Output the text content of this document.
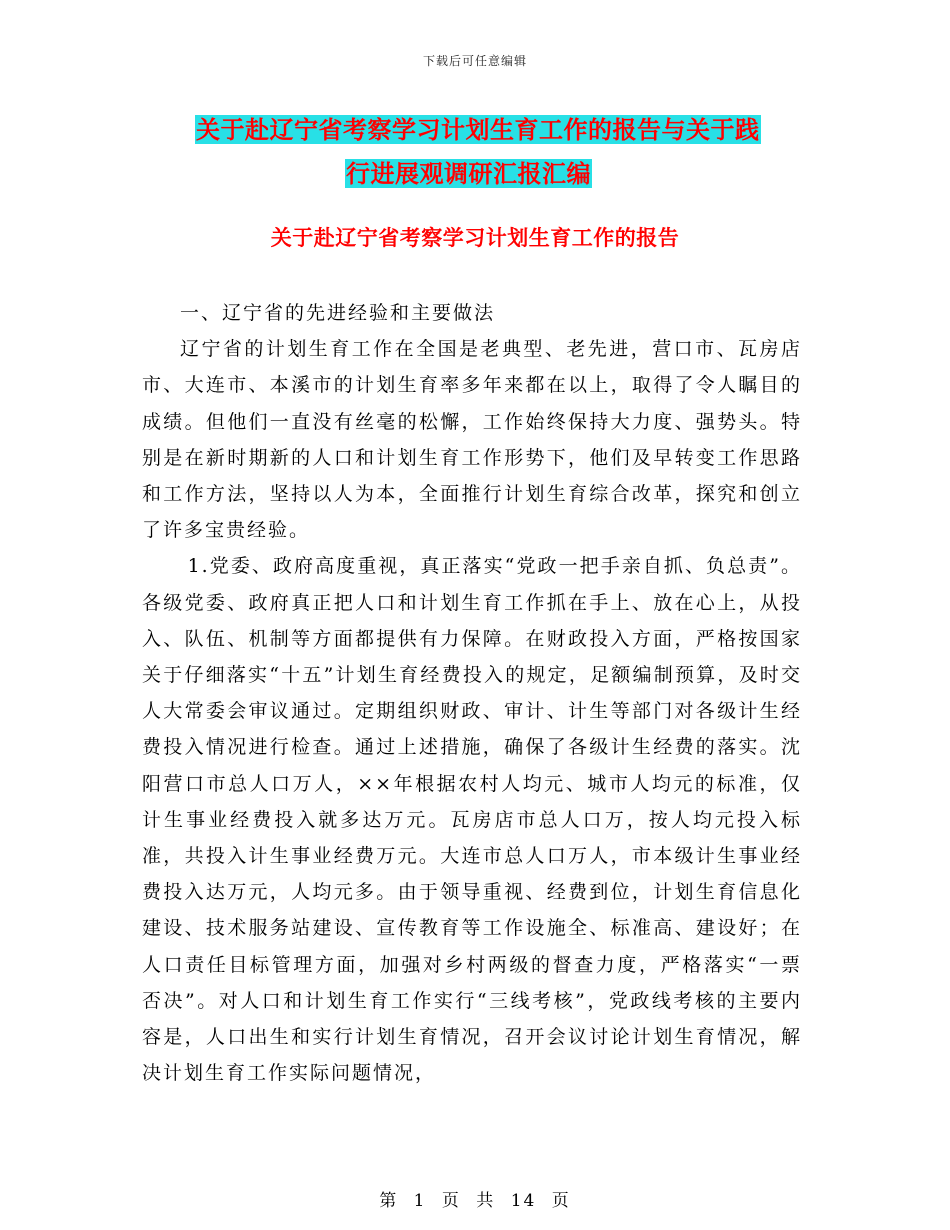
下载后可任意编辑
关于赴辽宁省考察学习计划生育工作的报告与关于践
行进展观调研汇报汇编
关于赴辽宁省考察学习计划生育工作的报告

一、辽宁省的先进经验和主要做法

辽宁省的计划生育工作在全国是老典型、老先进，营口市、瓦房店市、大连市、本溪市的计划生育率多年来都在以上，取得了令人瞩目的成绩。但他们一直没有丝毫的松懈，工作始终保持大力度、强势头。特别是在新时期新的人口和计划生育工作形势下，他们及早转变工作思路和工作方法，坚持以人为本，全面推行计划生育综合改革，探究和创立了许多宝贵经验。

1.党委、政府高度重视，真正落实“党政一把手亲自抓、负总责”。各级党委、政府真正把人口和计划生育工作抓在手上、放在心上，从投入、队伍、机制等方面都提供有力保障。在财政投入方面，严格按国家关于仔细落实“十五”计划生育经费投入的规定，足额编制预算，及时交人大常委会审议通过。定期组织财政、审计、计生等部门对各级计生经费投入情况进行检查。通过上述措施，确保了各级计生经费的落实。沈阳营口市总人口万人，××年根据农村人均元、城市人均元的标准，仅计生事业经费投入就多达万元。瓦房店市总人口万，按人均元投入标准，共投入计生事业经费万元。大连市总人口万人，市本级计生事业经费投入达万元，人均元多。由于领导重视、经费到位，计划生育信息化建设、技术服务站建设、宣传教育等工作设施全、标准高、建设好；在人口责任目标管理方面，加强对乡村两级的督查力度，严格落实“一票否决”。对人口和计划生育工作实行“三线考核”，党政线考核的主要内容是，人口出生和实行计划生育情况，召开会议讨论计划生育情况，解决计划生育工作实际问题情况，

第 1 页 共 14 页
